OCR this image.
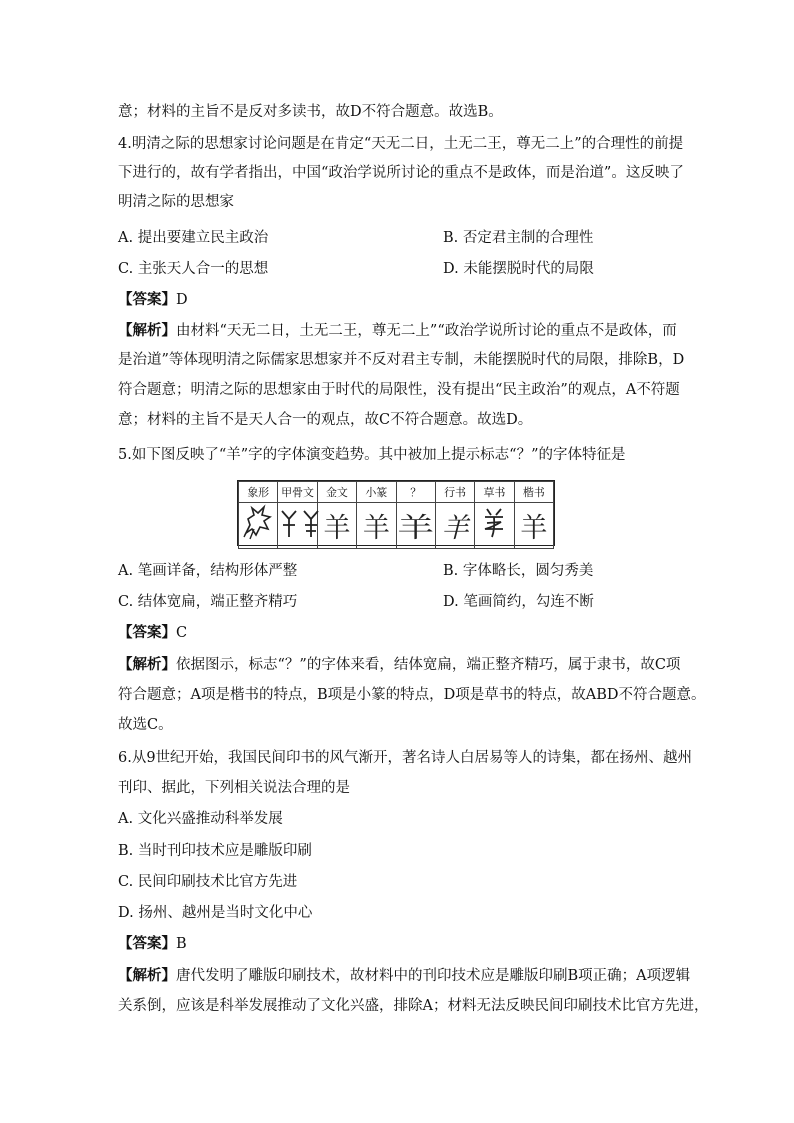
意；材料的主旨不是反对多读书，故D不符合题意。故选B。
4.明清之际的思想家讨论问题是在肯定“天无二日，土无二王，尊无二上”的合理性的前提
下进行的，故有学者指出，中国“政治学说所讨论的重点不是政体，而是治道”。这反映了
明清之际的思想家
A. 提出要建立民主政治	B. 否定君主制的合理性
C. 主张天人合一的思想	D. 未能摆脱时代的局限
【答案】D
【解析】由材料“天无二日，土无二王，尊无二上”“政治学说所讨论的重点不是政体，而
是治道”等体现明清之际儒家思想家并不反对君主专制，未能摆脱时代的局限，排除B，D
符合题意；明清之际的思想家由于时代的局限性，没有提出“民主政治”的观点，A不符题
意；材料的主旨不是天人合一的观点，故C不符合题意。故选D。
5.如下图反映了“羊”字的字体演变趋势。其中被加上提示标志“？”的字体特征是
象形	甲骨文	金文	小篆	？	行书	草书	楷书
		羊	羊	羊	羊		羊
A. 笔画详备，结构形体严整	B. 字体略长，圆匀秀美
C. 结体宽扁，端正整齐精巧	D. 笔画简约，勾连不断
【答案】C
【解析】依据图示，标志“？”的字体来看，结体宽扁，端正整齐精巧，属于隶书，故C项
符合题意；A项是楷书的特点，B项是小篆的特点，D项是草书的特点，故ABD不符合题意。
故选C。
6.从9世纪开始，我国民间印书的风气渐开，著名诗人白居易等人的诗集，都在扬州、越州
刊印、据此，下列相关说法合理的是
A. 文化兴盛推动科举发展
B. 当时刊印技术应是雕版印刷
C. 民间印刷技术比官方先进
D. 扬州、越州是当时文化中心
【答案】B
【解析】唐代发明了雕版印刷技术，故材料中的刊印技术应是雕版印刷B项正确；A项逻辑
关系倒，应该是科举发展推动了文化兴盛，排除A；材料无法反映民间印刷技术比官方先进，
